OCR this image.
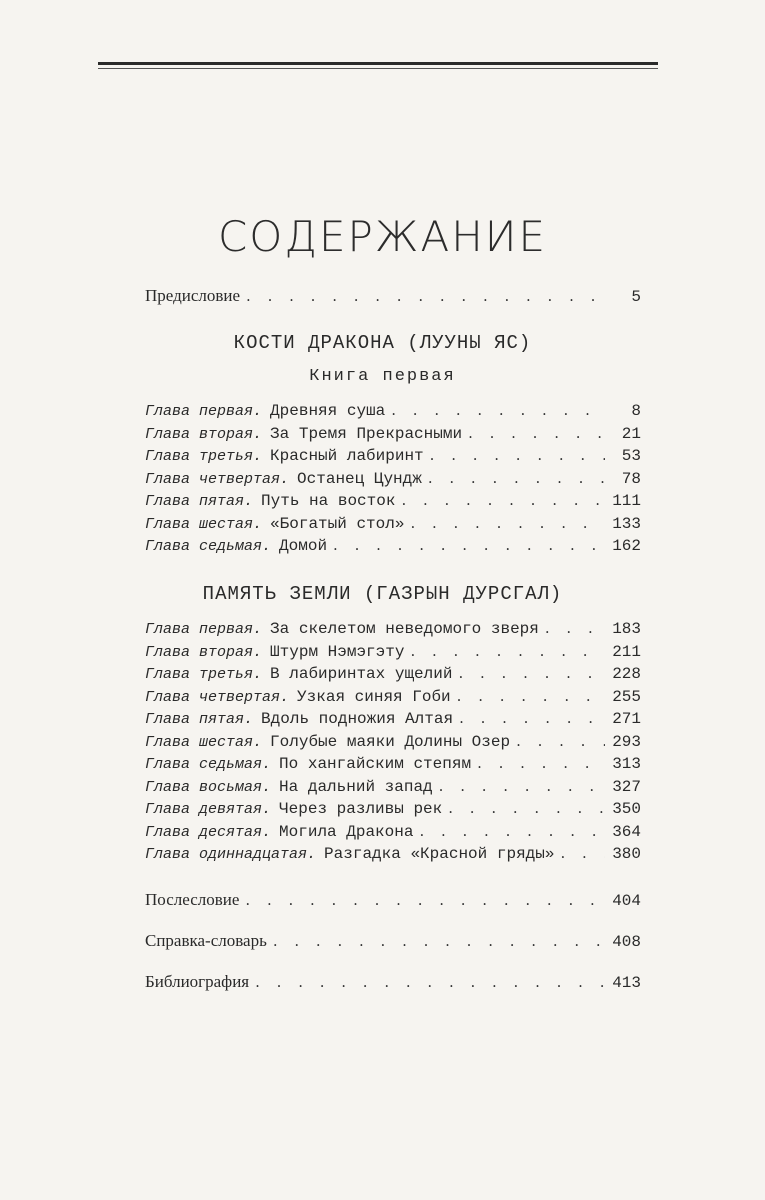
СОДЕРЖАНИЕ
Предисловие . . .	5
КОСТИ ДРАКОНА (ЛУУНЫ ЯС)
Книга первая
Глава первая. Древняя суша . . .	8
Глава вторая. За Тремя Прекрасными . . .	21
Глава третья. Красный лабиринт . . .	53
Глава четвертая. Останец Цундж . . .	78
Глава пятая. Путь на восток . . .	111
Глава шестая. «Богатый стол» . . .	133
Глава седьмая. Домой . . .	162
ПАМЯТЬ ЗЕМЛИ (ГАЗРЫН ДУРСГАЛ)
Глава первая. За скелетом неведомого зверя . . .	183
Глава вторая. Штурм Нэмэгэту . . .	211
Глава третья. В лабиринтах ущелий . . .	228
Глава четвертая. Узкая синяя Гоби . . .	255
Глава пятая. Вдоль подножия Алтая . . .	271
Глава шестая. Голубые маяки Долины Озер . . .	293
Глава седьмая. По хангайским степям . . .	313
Глава восьмая. На дальний запад . . .	327
Глава девятая. Через разливы рек . . .	350
Глава десятая. Могила Дракона . . .	364
Глава одиннадцатая. Разгадка «Красной гряды» . . .	380
Послесловие . . .	404
Справка-словарь . . .	408
Библиография . . .	413
